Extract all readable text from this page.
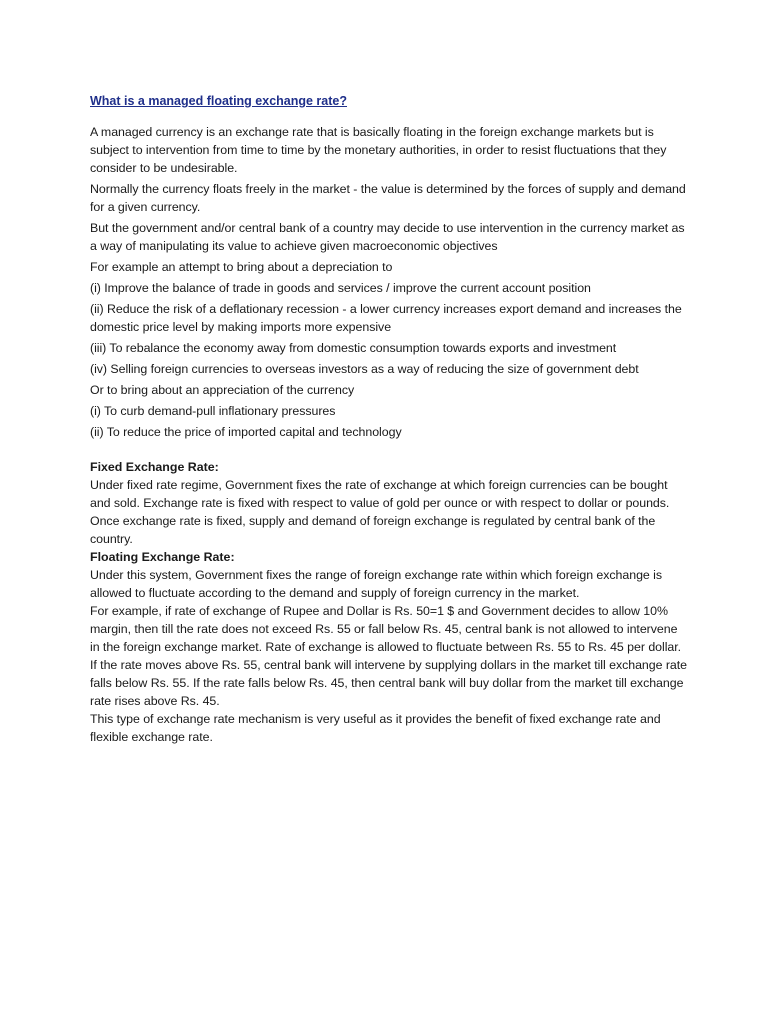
What is a managed floating exchange rate?

A managed currency is an exchange rate that is basically floating in the foreign exchange markets but is subject to intervention from time to time by the monetary authorities, in order to resist fluctuations that they consider to be undesirable.

Normally the currency floats freely in the market - the value is determined by the forces of supply and demand for a given currency.

But the government and/or central bank of a country may decide to use intervention in the currency market as a way of manipulating its value to achieve given macroeconomic objectives

For example an attempt to bring about a depreciation to

(i) Improve the balance of trade in goods and services / improve the current account position

(ii) Reduce the risk of a deflationary recession - a lower currency increases export demand and increases the domestic price level by making imports more expensive

(iii) To rebalance the economy away from domestic consumption towards exports and investment

(iv) Selling foreign currencies to overseas investors as a way of reducing the size of government debt

Or to bring about an appreciation of the currency

(i) To curb demand-pull inflationary pressures

(ii) To reduce the price of imported capital and technology

Fixed Exchange Rate:
Under fixed rate regime, Government fixes the rate of exchange at which foreign currencies can be bought and sold. Exchange rate is fixed with respect to value of gold per ounce or with respect to dollar or pounds. Once exchange rate is fixed, supply and demand of foreign exchange is regulated by central bank of the country.
Floating Exchange Rate:
Under this system, Government fixes the range of foreign exchange rate within which foreign exchange is allowed to fluctuate according to the demand and supply of foreign currency in the market.
For example, if rate of exchange of Rupee and Dollar is Rs. 50=1 $ and Government decides to allow 10% margin, then till the rate does not exceed Rs. 55 or fall below Rs. 45, central bank is not allowed to intervene in the foreign exchange market. Rate of exchange is allowed to fluctuate between Rs. 55 to Rs. 45 per dollar.
If the rate moves above Rs. 55, central bank will intervene by supplying dollars in the market till exchange rate falls below Rs. 55. If the rate falls below Rs. 45, then central bank will buy dollar from the market till exchange rate rises above Rs. 45.
This type of exchange rate mechanism is very useful as it provides the benefit of fixed exchange rate and flexible exchange rate.
